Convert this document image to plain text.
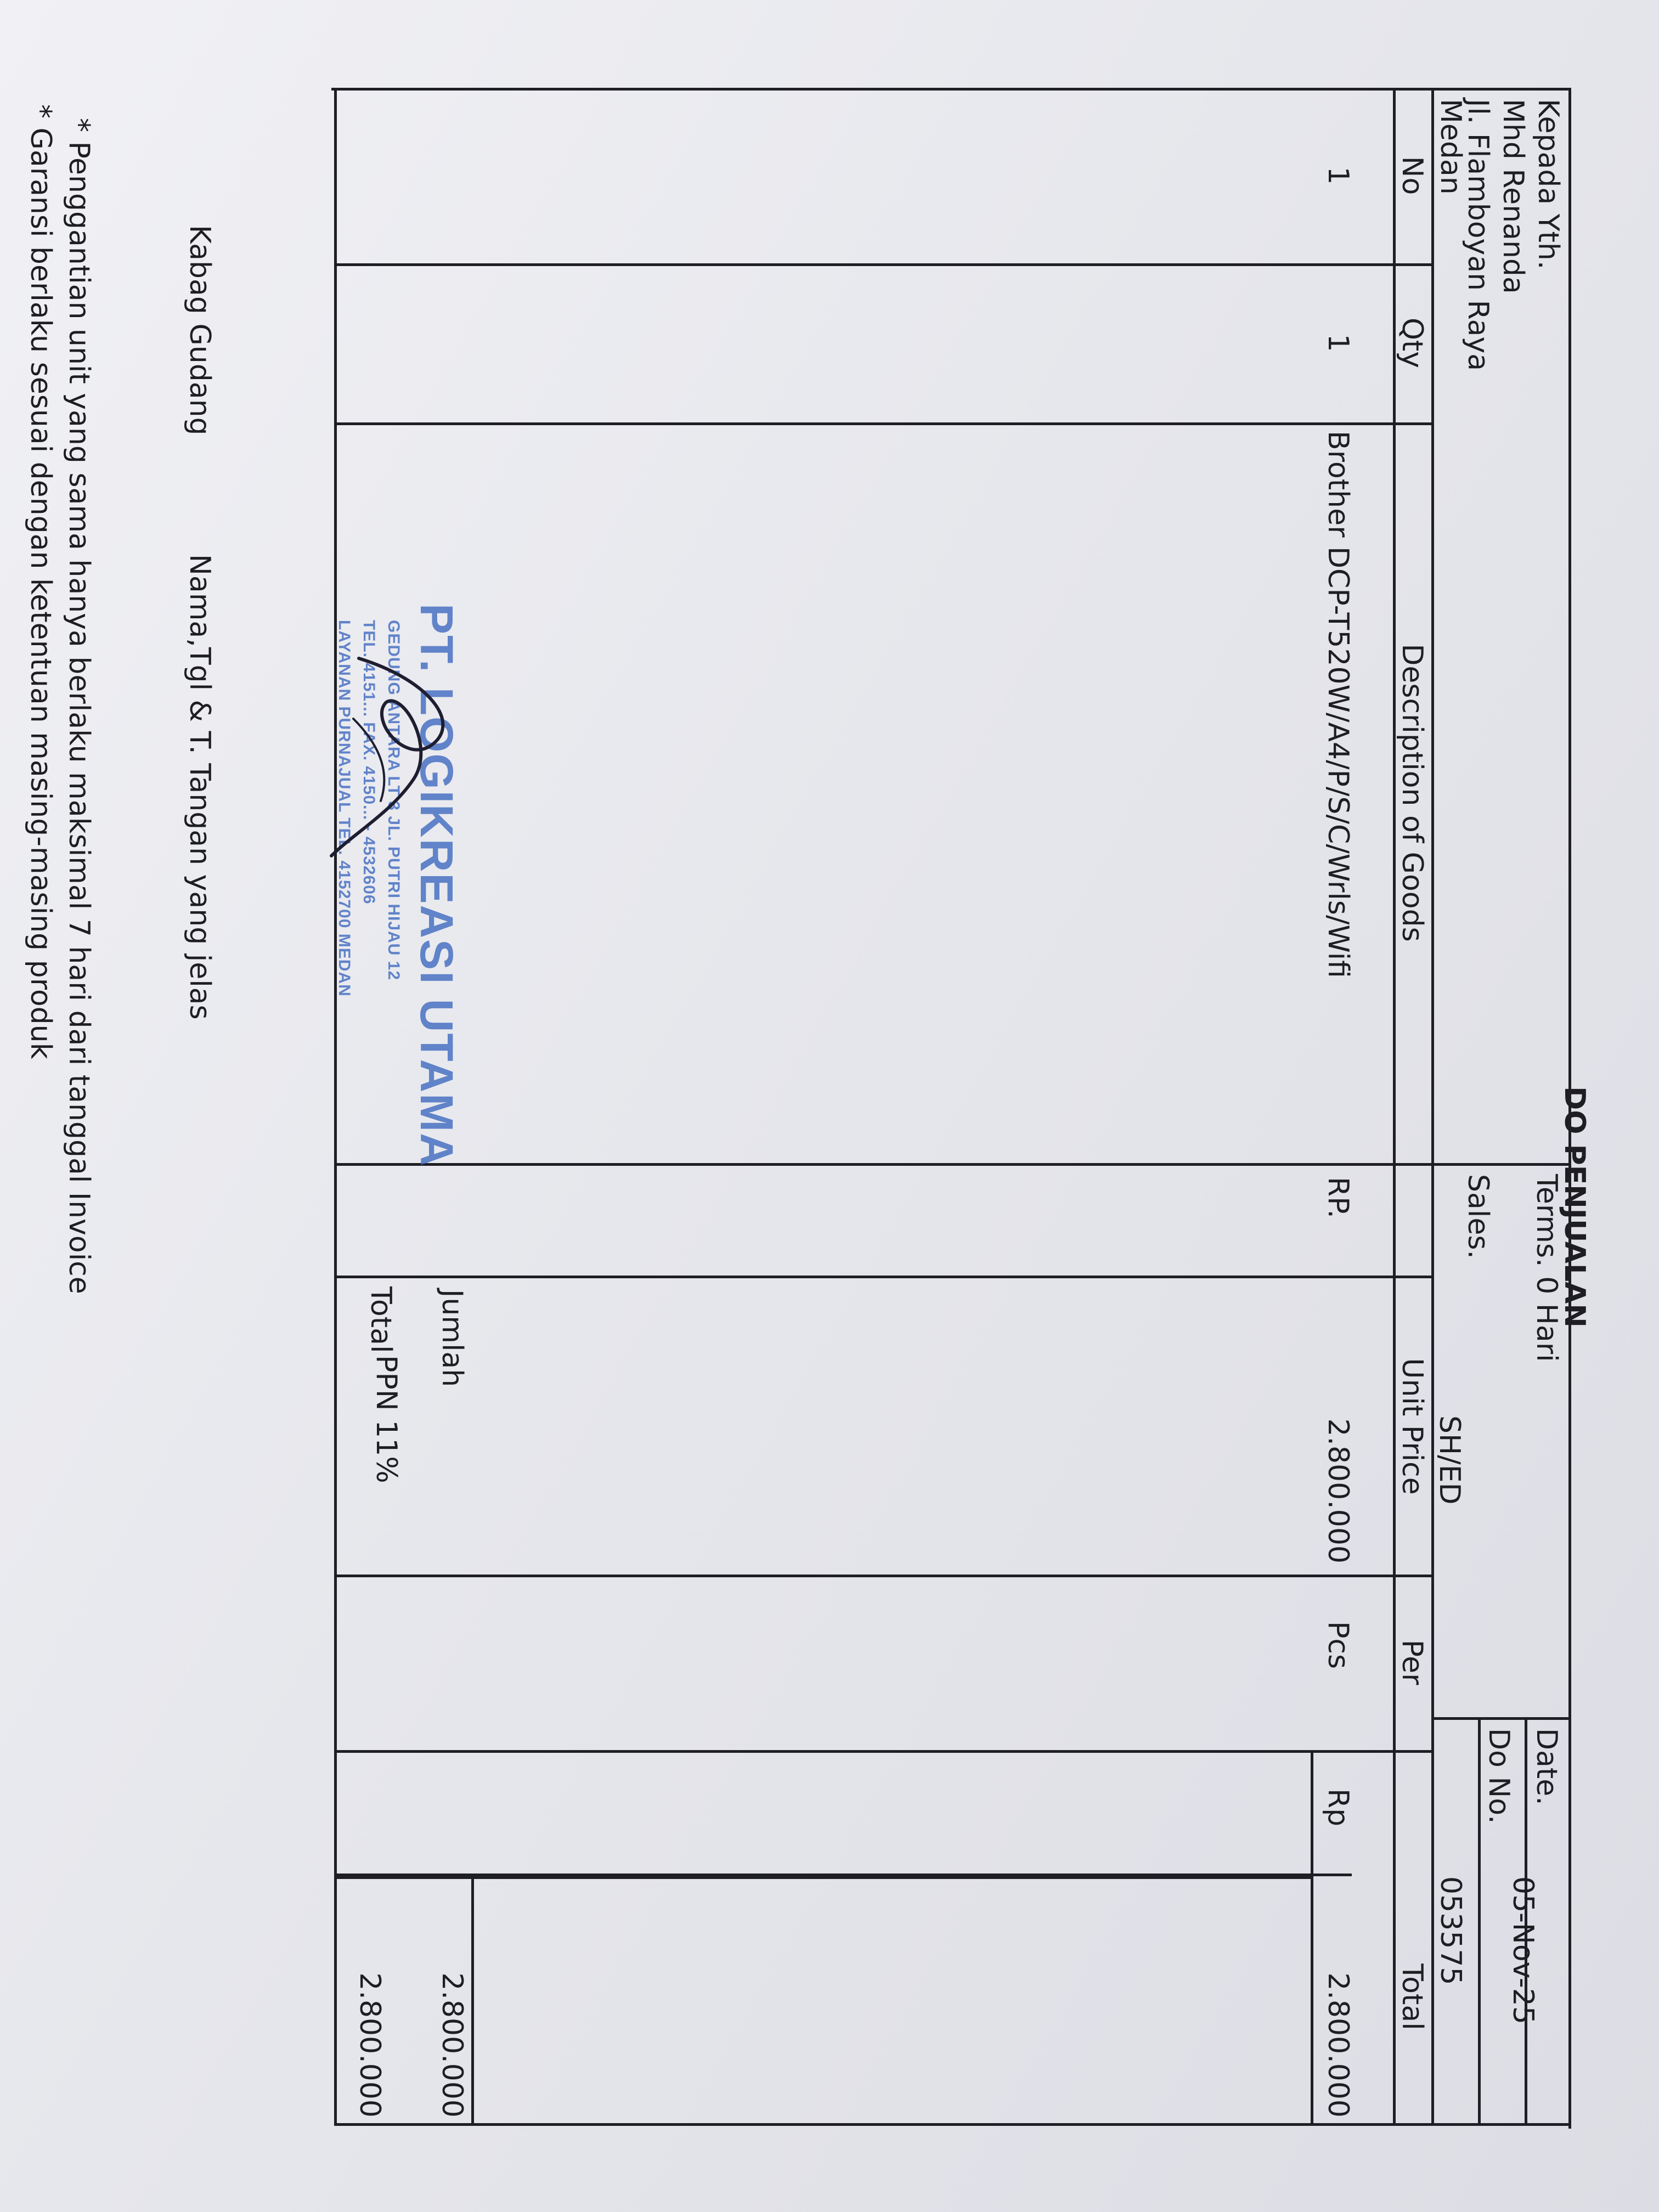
DO PENJUALAN
Kepada Yth.
Mhd Renanda
Jl. Flamboyan Raya
Medan
Terms. 0 Hari
Sales.
SH/ED
Date.
05-Nov-25
Do No.
053575
No
Qty
Description of Goods
Unit Price
Per
Total
1
1
Brother DCP-T520W/A4/P/S/C/Wrls/Wifi
RP.
2.800.000
Pcs
Rp
2.800.000
Jumlah
2.800.000
PPN 11%
Total
2.800.000
PT. LOGIKREASI UTAMA
GEDUNG ANTARA LT 3 JL. PUTRI HIJAU 12
TEL. 4151... FAX. 4150... - 4532606
LAYANAN PURNAJUAL TEL. 4152700 MEDAN
Kabag Gudang
Nama,Tgl & T. Tangan yang jelas
* Penggantian unit yang sama hanya berlaku maksimal 7 hari dari tanggal Invoice
* Garansi berlaku sesuai dengan ketentuan masing-masing produk
